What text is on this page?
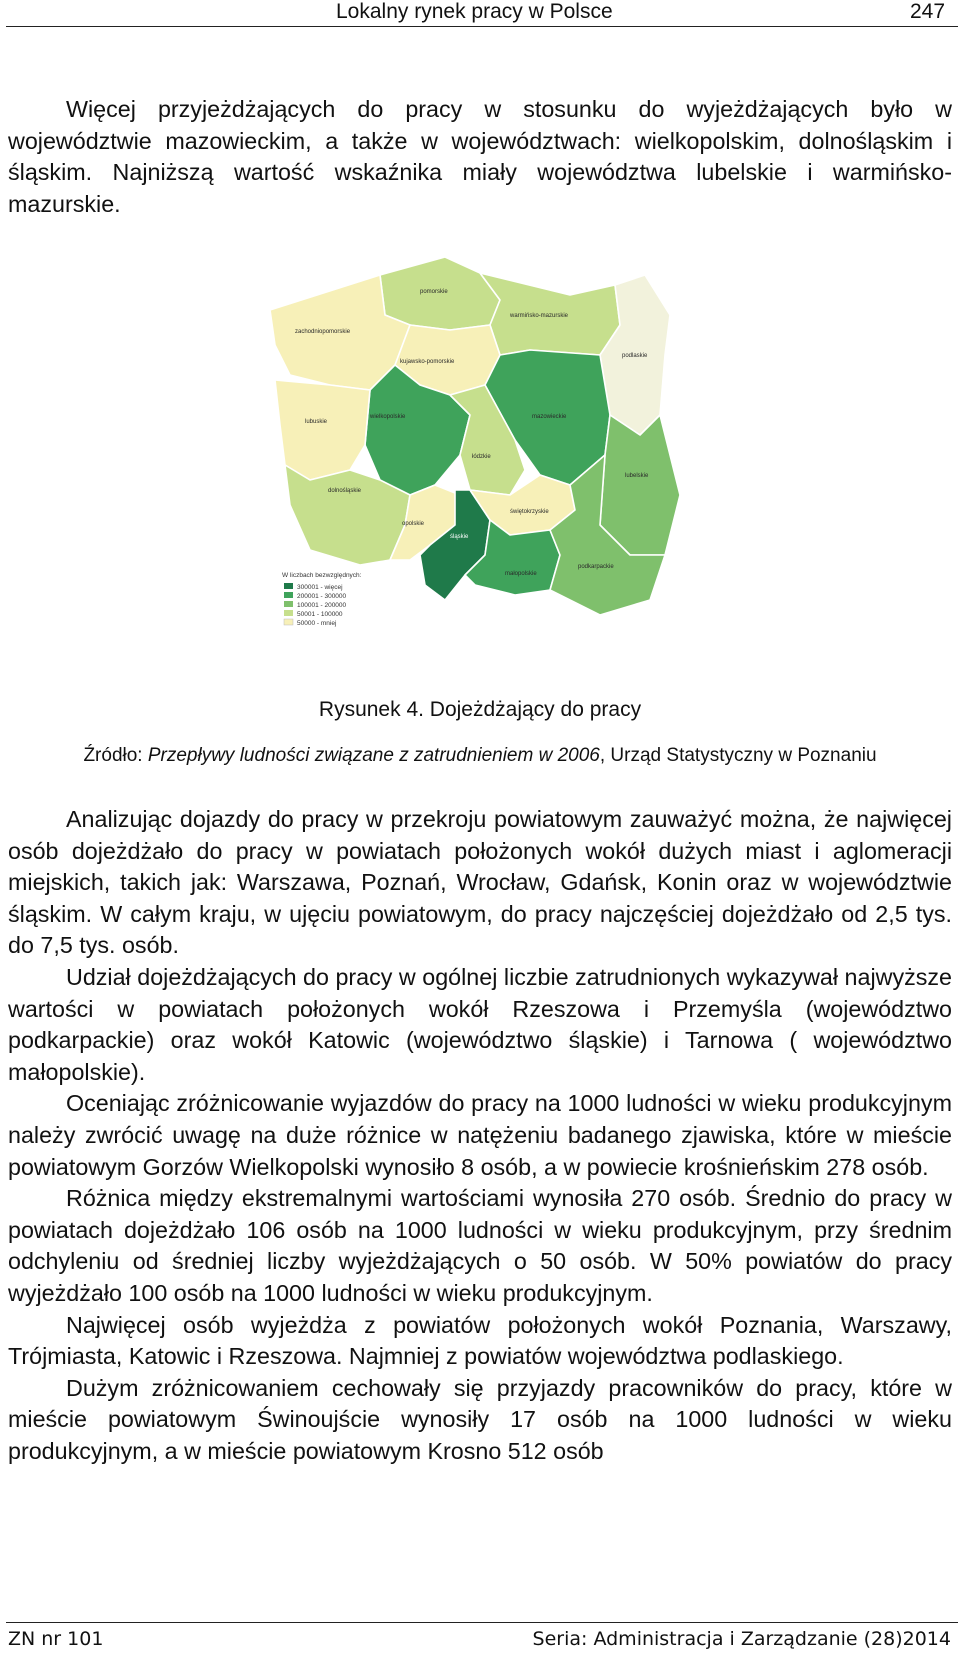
Lokalny rynek pracy w Polsce	247

Więcej przyjeżdżających do pracy w stosunku do wyjeżdżających było w województwie mazowieckim, a także w województwach: wielkopolskim, dolnośląskim i śląskim. Najniższą wartość wskaźnika miały województwa lubelskie i warmińsko-mazurskie.

pomorskie
zachodniopomorskie
warmińsko-mazurskie
podlaskie
kujawsko-pomorskie
wielkopolskie
lubuskie
mazowieckie
łódzkie
lubelskie
dolnośląskie
opolskie
śląskie
świętokrzyskie
małopolskie
podkarpackie
W liczbach bezwzględnych:
300001 - więcej
200001 - 300000
100001 - 200000
50001 - 100000
50000 - mniej
Rysunek 4. Dojeżdżający do pracy
Źródło: Przepływy ludności związane z zatrudnieniem w 2006, Urząd Statystyczny w Poznaniu

Analizując dojazdy do pracy w przekroju powiatowym zauważyć można, że najwięcej osób dojeżdżało do pracy w powiatach położonych wokół dużych miast i aglomeracji miejskich, takich jak: Warszawa, Poznań, Wrocław, Gdańsk, Konin oraz w województwie śląskim. W całym kraju, w ujęciu powiatowym, do pracy najczęściej dojeżdżało od 2,5 tys. do 7,5 tys. osób.

Udział dojeżdżających do pracy w ogólnej liczbie zatrudnionych wykazywał najwyższe wartości w powiatach położonych wokół Rzeszowa i Przemyśla (województwo podkarpackie) oraz wokół Katowic (województwo śląskie) i Tarnowa ( województwo małopolskie).

Oceniając zróżnicowanie wyjazdów do pracy na 1000 ludności w wieku produkcyjnym należy zwrócić uwagę na duże różnice w natężeniu badanego zjawiska, które w mieście powiatowym Gorzów Wielkopolski wynosiło 8 osób, a w powiecie krośnieńskim 278 osób.

Różnica między ekstremalnymi wartościami wynosiła 270 osób. Średnio do pracy w powiatach dojeżdżało 106 osób na 1000 ludności w wieku produkcyjnym, przy średnim odchyleniu od średniej liczby wyjeżdżających o 50 osób. W 50% powiatów do pracy wyjeżdżało 100 osób na 1000 ludności w wieku produkcyjnym.

Najwięcej osób wyjeżdża z powiatów położonych wokół Poznania, Warszawy, Trójmiasta, Katowic i Rzeszowa. Najmniej z powiatów województwa podlaskiego.

Dużym zróżnicowaniem cechowały się przyjazdy pracowników do pracy, które w mieście powiatowym Świnoujście wynosiły 17 osób na 1000 ludności w wieku produkcyjnym, a w mieście powiatowym Krosno 512 osób

ZN nr 101	Seria: Administracja i Zarządzanie (28)2014
